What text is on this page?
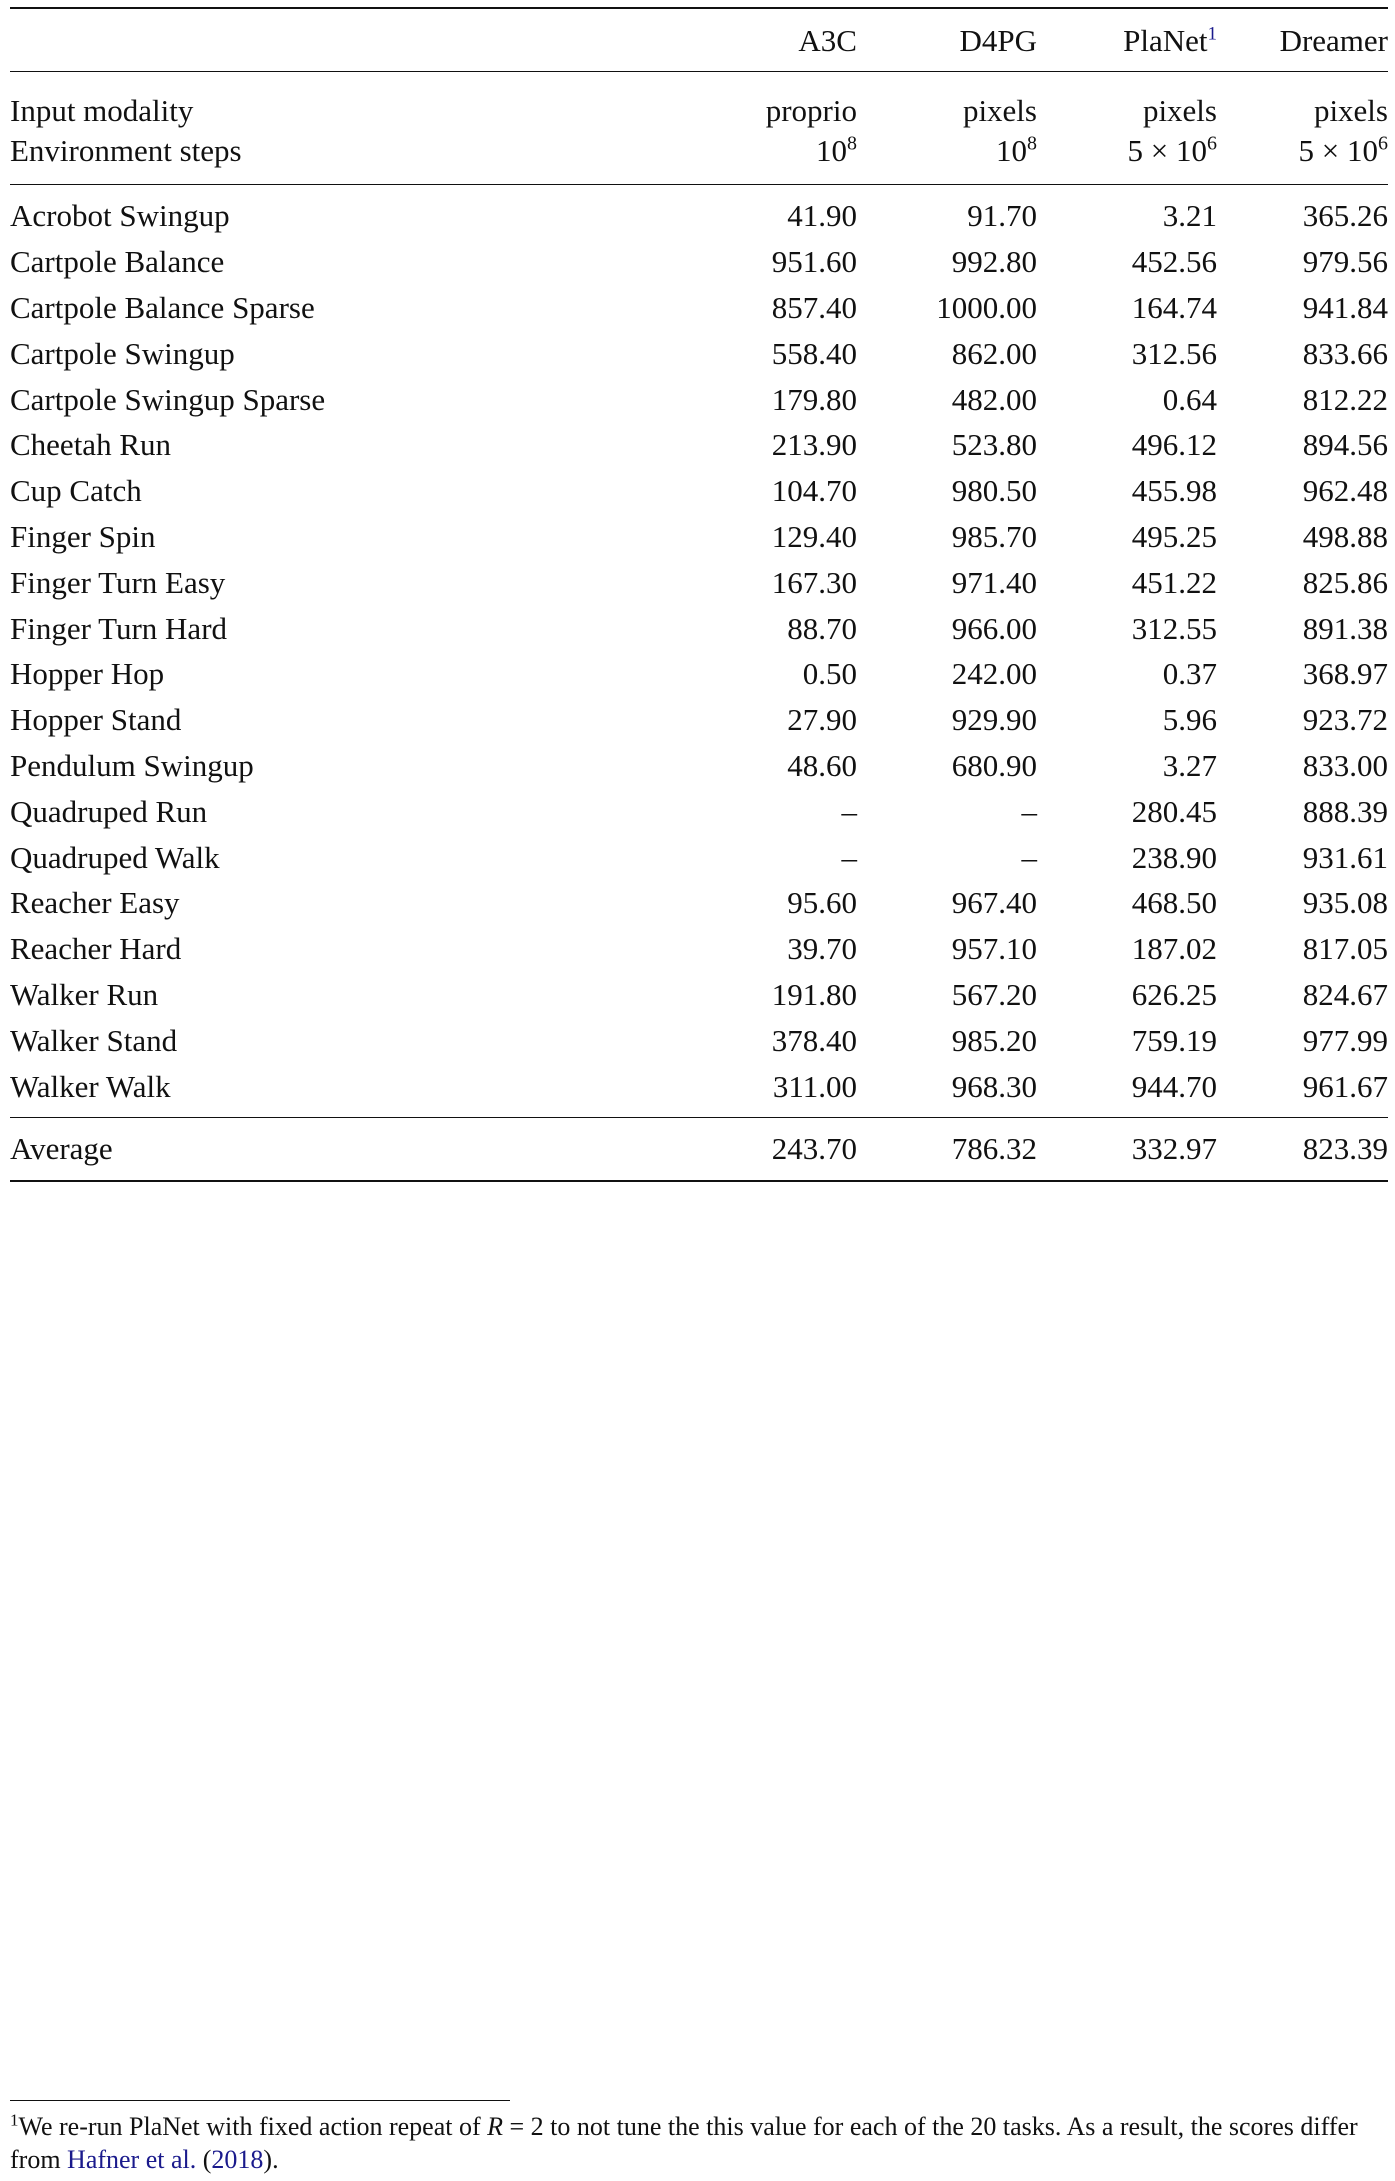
	A3C	D4PG	PlaNet$^1$	Dreamer

Input modality	proprio	pixels	pixels	pixels
Environment steps	$10^8$	$10^8$	$5 \times 10^6$	$5 \times 10^6$

Acrobot Swingup	41.90	91.70	3.21	365.26
Cartpole Balance	951.60	992.80	452.56	979.56
Cartpole Balance Sparse	857.40	1000.00	164.74	941.84
Cartpole Swingup	558.40	862.00	312.56	833.66
Cartpole Swingup Sparse	179.80	482.00	0.64	812.22
Cheetah Run	213.90	523.80	496.12	894.56
Cup Catch	104.70	980.50	455.98	962.48
Finger Spin	129.40	985.70	495.25	498.88
Finger Turn Easy	167.30	971.40	451.22	825.86
Finger Turn Hard	88.70	966.00	312.55	891.38
Hopper Hop	0.50	242.00	0.37	368.97
Hopper Stand	27.90	929.90	5.96	923.72
Pendulum Swingup	48.60	680.90	3.27	833.00
Quadruped Run	–	–	280.45	888.39
Quadruped Walk	–	–	238.90	931.61
Reacher Easy	95.60	967.40	468.50	935.08
Reacher Hard	39.70	957.10	187.02	817.05
Walker Run	191.80	567.20	626.25	824.67
Walker Stand	378.40	985.20	759.19	977.99
Walker Walk	311.00	968.30	944.70	961.67

Average	243.70	786.32	332.97	823.39

$^1$We re-run PlaNet with fixed action repeat of R = 2 to not tune the this value for each of the 20 tasks. As a result, the scores differ from Hafner et al. (2018).
